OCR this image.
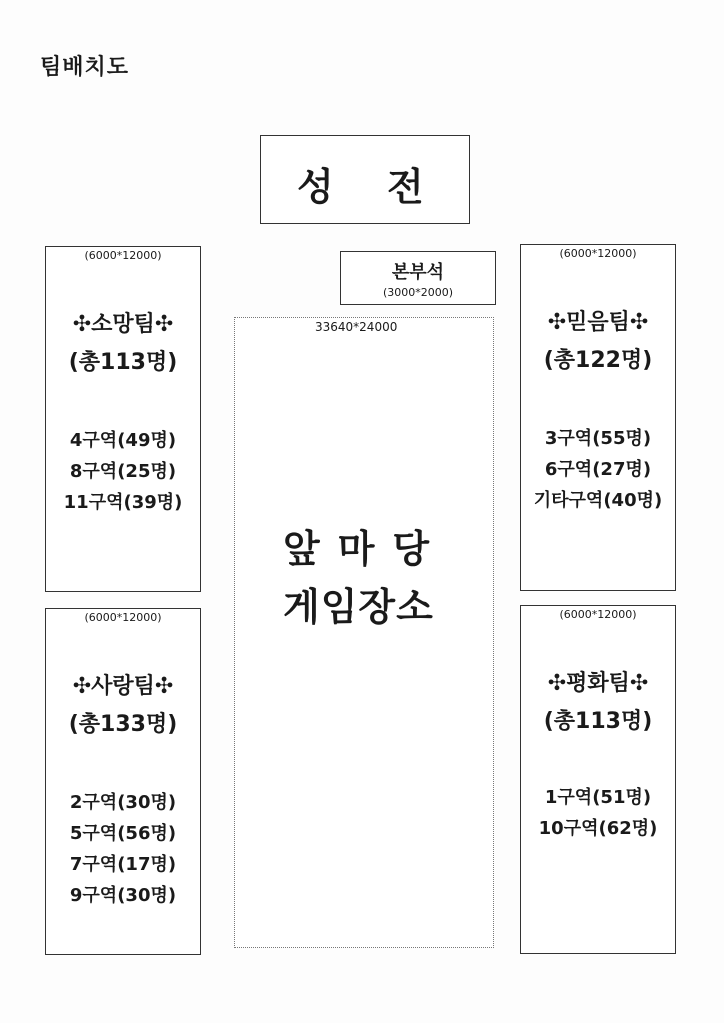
팀배치도
성 전
본부석
(3000*2000)
33640*24000
앞마당
게임장소
(6000*12000)
✣소망팀✣
(총113명)
4구역(49명)
8구역(25명)
11구역(39명)
(6000*12000)
✣믿음팀✣
(총122명)
3구역(55명)
6구역(27명)
기타구역(40명)
(6000*12000)
✣사랑팀✣
(총133명)
2구역(30명)
5구역(56명)
7구역(17명)
9구역(30명)
(6000*12000)
✣평화팀✣
(총113명)
1구역(51명)
10구역(62명)
